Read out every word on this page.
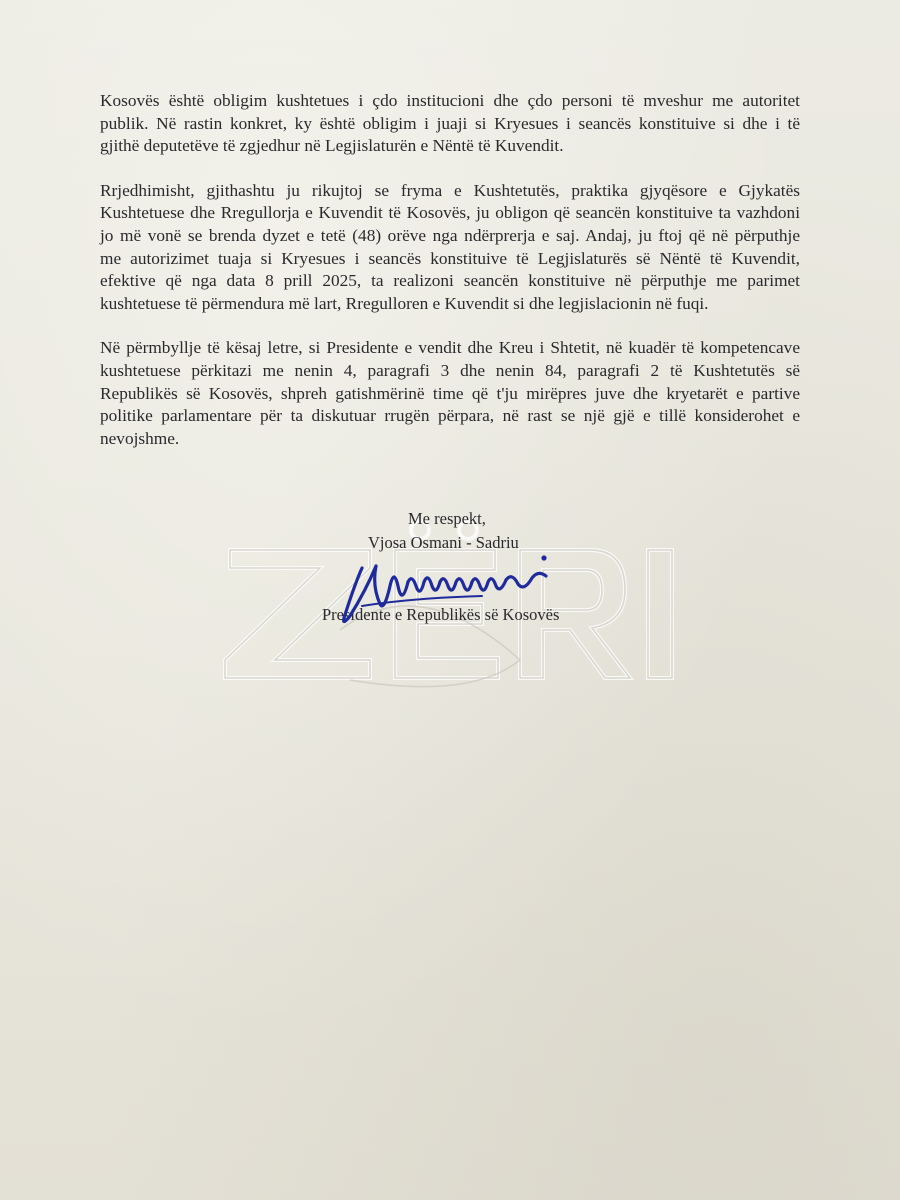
Kosovës është obligim kushtetues i çdo institucioni dhe çdo personi të mveshur me autoritet
publik. Në rastin konkret, ky është obligim i juaji si Kryesues i seancës konstituive si dhe i të
gjithë deputetëve të zgjedhur në Legjislaturën e Nëntë të Kuvendit.

Rrjedhimisht, gjithashtu ju rikujtoj se fryma e Kushtetutës, praktika gjyqësore e Gjykatës
Kushtetuese dhe Rregullorja e Kuvendit të Kosovës, ju obligon që seancën konstituive ta vazhdoni
jo më vonë se brenda dyzet e tetë (48) orëve nga ndërprerja e saj. Andaj, ju ftoj që në përputhje
me autorizimet tuaja si Kryesues i seancës konstituive të Legjislaturës së Nëntë të Kuvendit,
efektive që nga data 8 prill 2025, ta realizoni seancën konstituive në përputhje me parimet
kushtetuese të përmendura më lart, Rregulloren e Kuvendit si dhe legjislacionin në fuqi.

Në përmbyllje të kësaj letre, si Presidente e vendit dhe Kreu i Shtetit, në kuadër të kompetencave
kushtetuese përkitazi me nenin 4, paragrafi 3 dhe nenin 84, paragrafi 2 të Kushtetutës së
Republikës së Kosovës, shpreh gatishmërinë time që t'ju mirëpres juve dhe kryetarët e partive
politike parlamentare për ta diskutuar rrugën përpara, në rast se një gjë e tillë konsiderohet e
nevojshme.

Me respekt,
Vjosa Osmani - Sadriu
Presidente e Republikës së Kosovës
